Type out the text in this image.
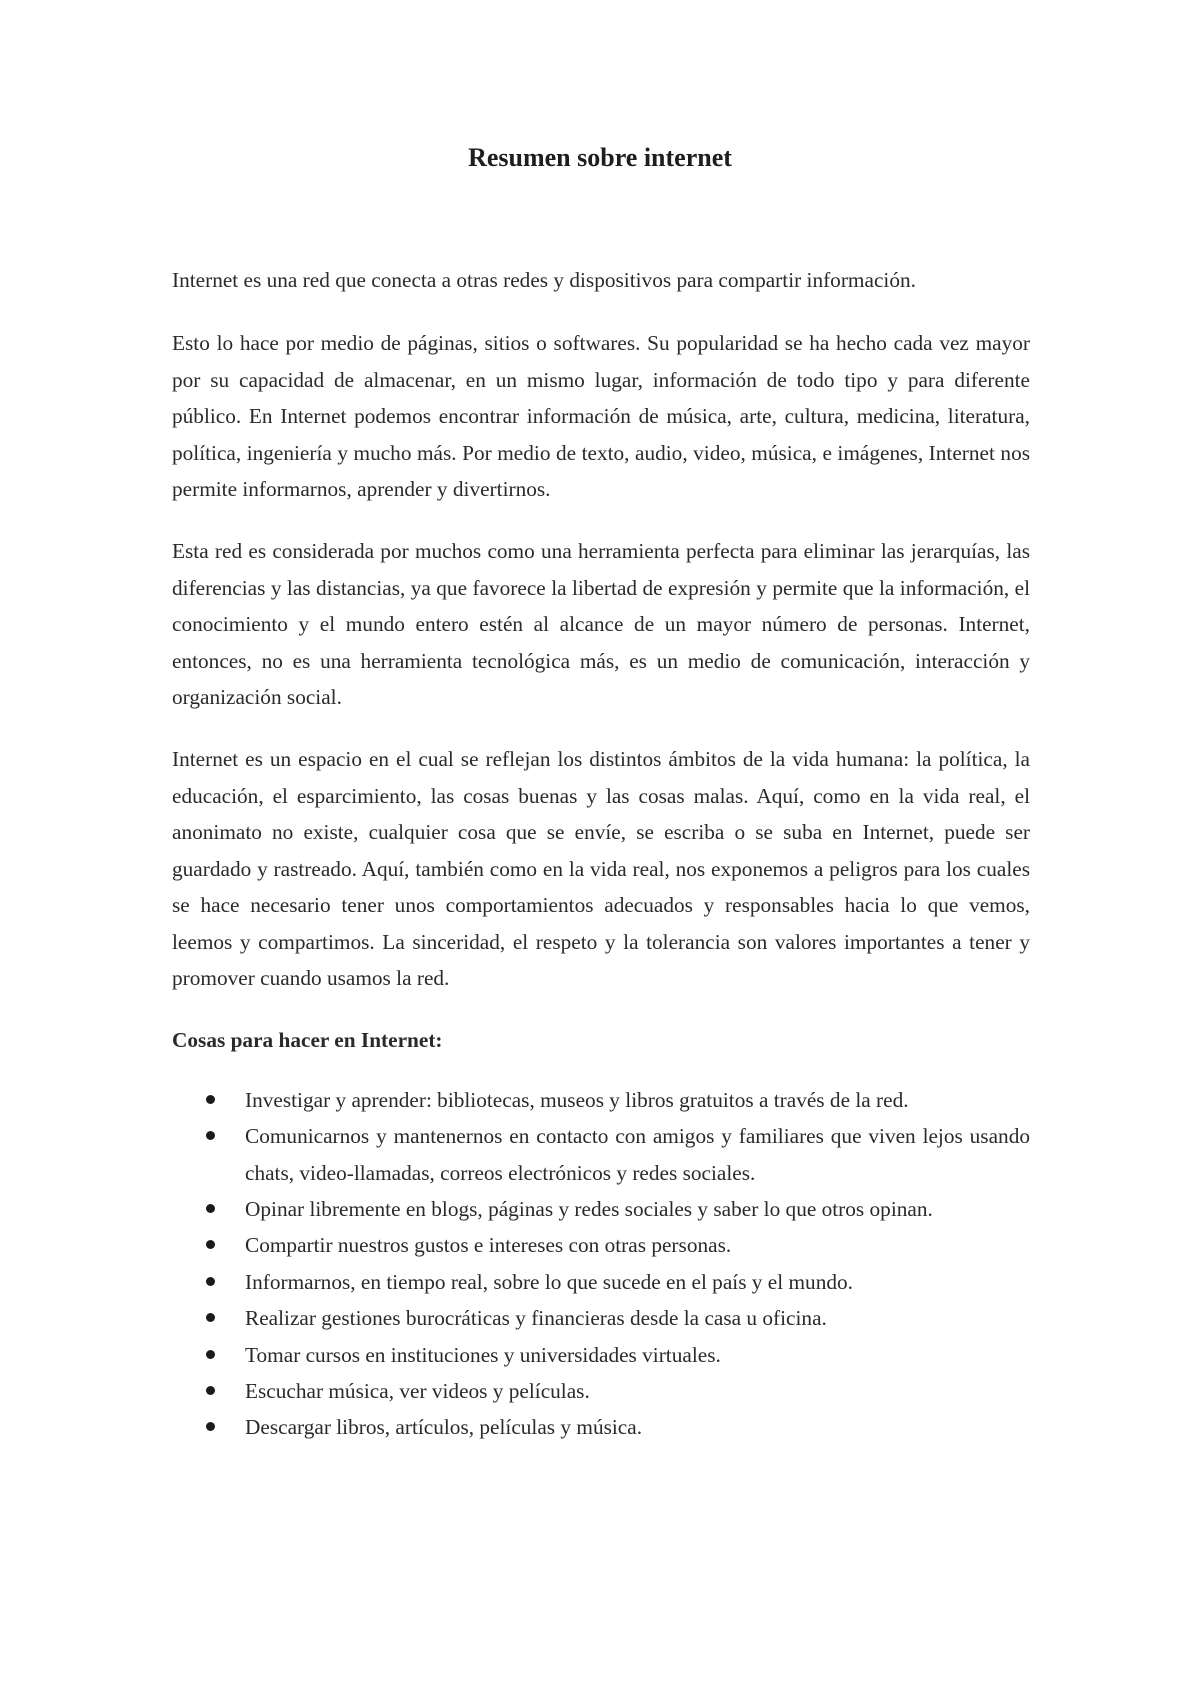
Resumen sobre internet

Internet es una red que conecta a otras redes y dispositivos para compartir información.

Esto lo hace por medio de páginas, sitios o softwares. Su popularidad se ha hecho cada vez mayor por su capacidad de almacenar, en un mismo lugar, información de todo tipo y para diferente público. En Internet podemos encontrar información de música, arte, cultura, medicina, literatura, política, ingeniería y mucho más. Por medio de texto, audio, video, música, e imágenes, Internet nos permite informarnos, aprender y divertirnos.

Esta red es considerada por muchos como una herramienta perfecta para eliminar las jerarquías, las diferencias y las distancias, ya que favorece la libertad de expresión y permite que la información, el conocimiento y el mundo entero estén al alcance de un mayor número de personas. Internet, entonces, no es una herramienta tecnológica más, es un medio de comunicación, interacción y organización social.

Internet es un espacio en el cual se reflejan los distintos ámbitos de la vida humana: la política, la educación, el esparcimiento, las cosas buenas y las cosas malas. Aquí, como en la vida real, el anonimato no existe, cualquier cosa que se envíe, se escriba o se suba en Internet, puede ser guardado y rastreado. Aquí, también como en la vida real, nos exponemos a peligros para los cuales se hace necesario tener unos comportamientos adecuados y responsables hacia lo que vemos, leemos y compartimos. La sinceridad, el respeto y la tolerancia son valores importantes a tener y promover cuando usamos la red.

Cosas para hacer en Internet:

Investigar y aprender: bibliotecas, museos y libros gratuitos a través de la red.
Comunicarnos y mantenernos en contacto con amigos y familiares que viven lejos usando chats, video-llamadas, correos electrónicos y redes sociales.
Opinar libremente en blogs, páginas y redes sociales y saber lo que otros opinan.
Compartir nuestros gustos e intereses con otras personas.
Informarnos, en tiempo real, sobre lo que sucede en el país y el mundo.
Realizar gestiones burocráticas y financieras desde la casa u oficina.
Tomar cursos en instituciones y universidades virtuales.
Escuchar música, ver videos y películas.
Descargar libros, artículos, películas y música.
